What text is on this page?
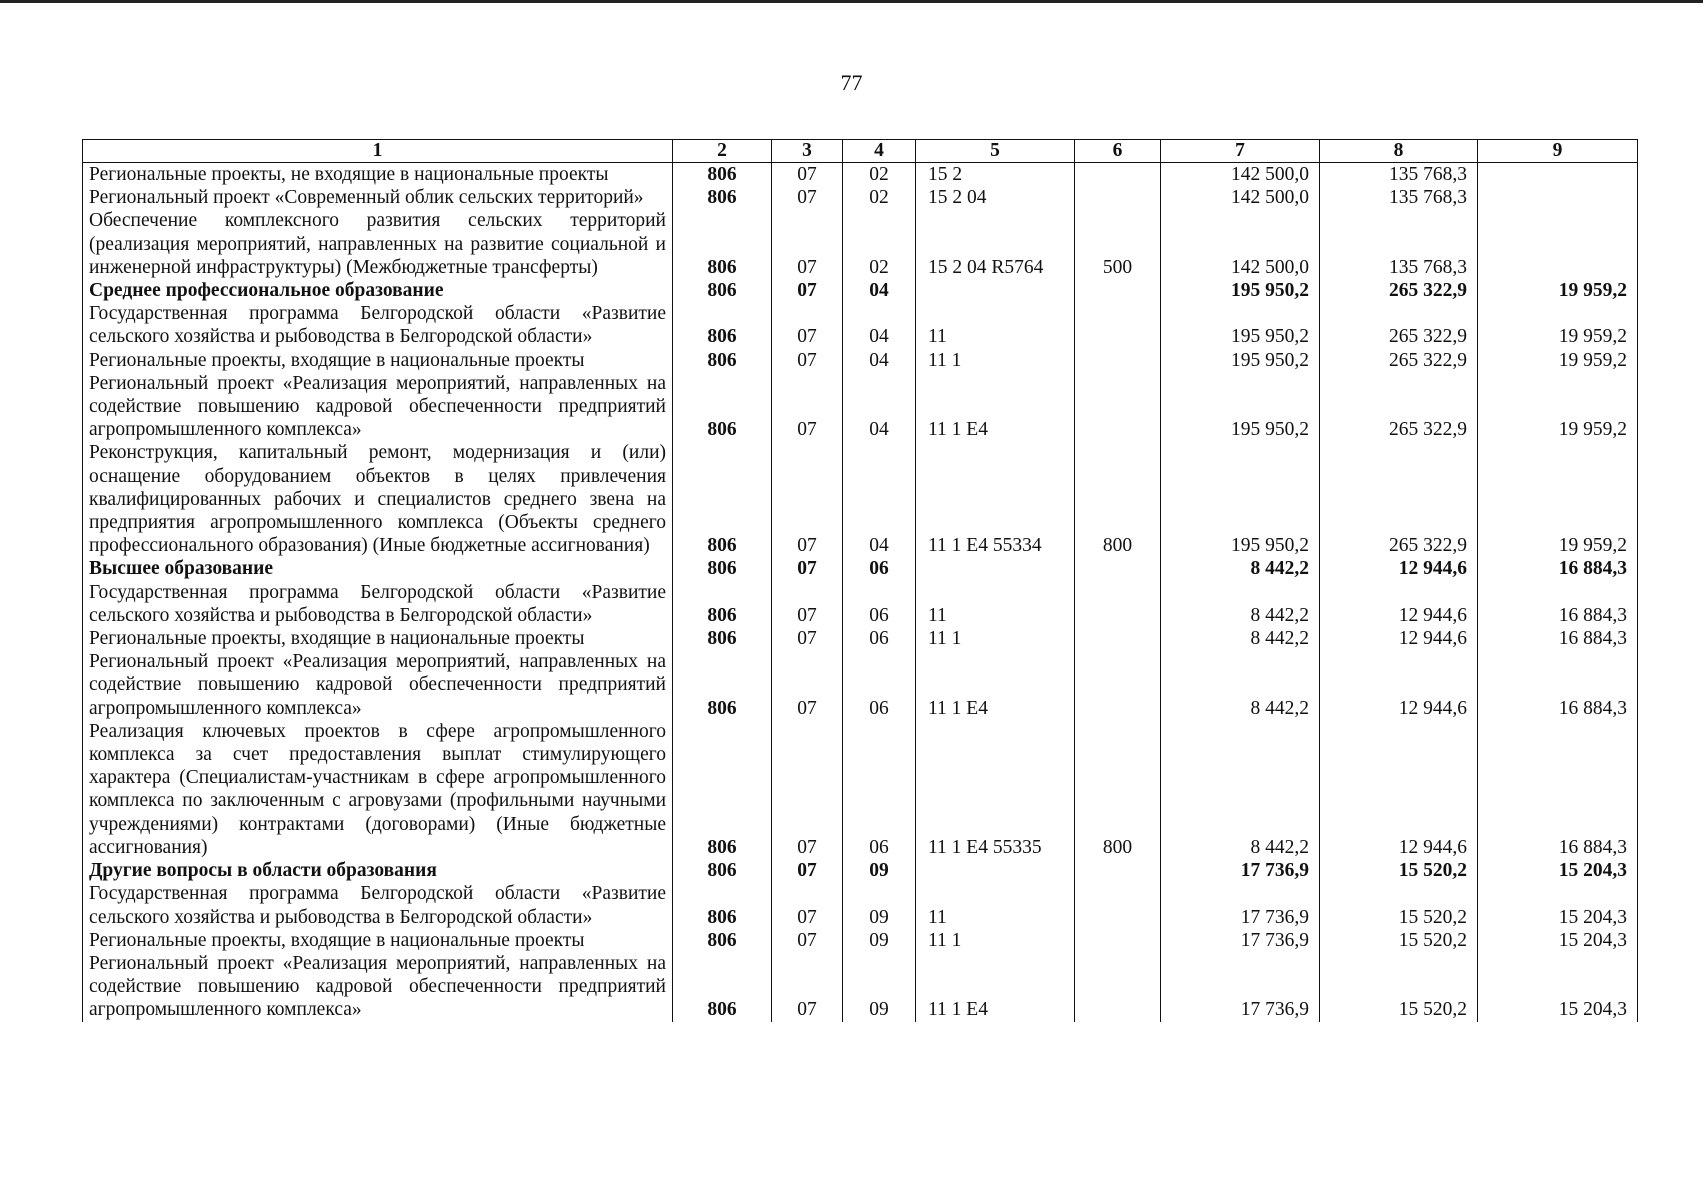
77
1	2	3	4	5	6	7	8	9
Региональные проекты, не входящие в национальные проекты	806	07	02	15 2		142 500,0	135 768,3	
Региональный проект «Современный облик сельских территорий»	806	07	02	15 2 04		142 500,0	135 768,3	
Обеспечение комплексного развития сельских территорий (реализация мероприятий, направленных на развитие социальной и инженерной инфраструктуры) (Межбюджетные трансферты)	806	07	02	15 2 04 R5764	500	142 500,0	135 768,3	
Среднее профессиональное образование	806	07	04			195 950,2	265 322,9	19 959,2
Государственная программа Белгородской области «Развитие сельского хозяйства и рыбоводства в Белгородской области»	806	07	04	11		195 950,2	265 322,9	19 959,2
Региональные проекты, входящие в национальные проекты	806	07	04	11 1		195 950,2	265 322,9	19 959,2
Региональный проект «Реализация мероприятий, направленных на содействие повышению кадровой обеспеченности предприятий агропромышленного комплекса»	806	07	04	11 1 E4		195 950,2	265 322,9	19 959,2
Реконструкция, капитальный ремонт, модернизация и (или) оснащение оборудованием объектов в целях привлечения квалифицированных рабочих и специалистов среднего звена на предприятия агропромышленного комплекса (Объекты среднего профессионального образования) (Иные бюджетные ассигнования)	806	07	04	11 1 E4 55334	800	195 950,2	265 322,9	19 959,2
Высшее образование	806	07	06			8 442,2	12 944,6	16 884,3
Государственная программа Белгородской области «Развитие сельского хозяйства и рыбоводства в Белгородской области»	806	07	06	11		8 442,2	12 944,6	16 884,3
Региональные проекты, входящие в национальные проекты	806	07	06	11 1		8 442,2	12 944,6	16 884,3
Региональный проект «Реализация мероприятий, направленных на содействие повышению кадровой обеспеченности предприятий агропромышленного комплекса»	806	07	06	11 1 E4		8 442,2	12 944,6	16 884,3
Реализация ключевых проектов в сфере агропромышленного комплекса за счет предоставления выплат стимулирующего характера (Специалистам-участникам в сфере агропромышленного комплекса по заключенным с агровузами (профильными научными учреждениями) контрактами (договорами) (Иные бюджетные ассигнования)	806	07	06	11 1 E4 55335	800	8 442,2	12 944,6	16 884,3
Другие вопросы в области образования	806	07	09			17 736,9	15 520,2	15 204,3
Государственная программа Белгородской области «Развитие сельского хозяйства и рыбоводства в Белгородской области»	806	07	09	11		17 736,9	15 520,2	15 204,3
Региональные проекты, входящие в национальные проекты	806	07	09	11 1		17 736,9	15 520,2	15 204,3
Региональный проект «Реализация мероприятий, направленных на содействие повышению кадровой обеспеченности предприятий агропромышленного комплекса»	806	07	09	11 1 E4		17 736,9	15 520,2	15 204,3
